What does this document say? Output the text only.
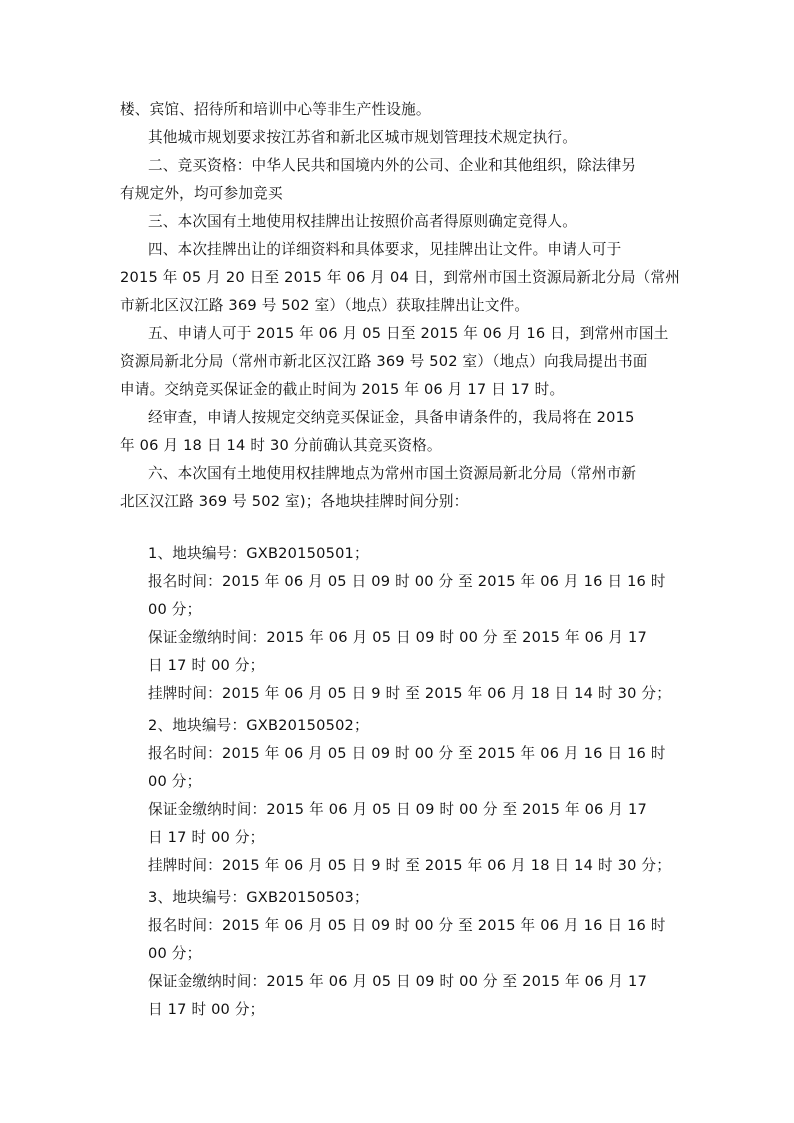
楼、宾馆、招待所和培训中心等非生产性设施。
其他城市规划要求按江苏省和新北区城市规划管理技术规定执行。
二、竞买资格：中华人民共和国境内外的公司、企业和其他组织，除法律另
有规定外，均可参加竞买
三、本次国有土地使用权挂牌出让按照价高者得原则确定竞得人。
四、本次挂牌出让的详细资料和具体要求，见挂牌出让文件。申请人可于
2015 年 05 月 20 日至 2015 年 06 月 04 日，到常州市国土资源局新北分局（常州
市新北区汉江路 369 号 502 室）（地点）获取挂牌出让文件。
五、申请人可于 2015 年 06 月 05 日至 2015 年 06 月 16 日，到常州市国土
资源局新北分局（常州市新北区汉江路 369 号 502 室）（地点）向我局提出书面
申请。交纳竞买保证金的截止时间为 2015 年 06 月 17 日 17 时。
经审查，申请人按规定交纳竞买保证金，具备申请条件的，我局将在 2015
年 06 月 18 日 14 时 30 分前确认其竞买资格。
六、本次国有土地使用权挂牌地点为常州市国土资源局新北分局（常州市新
北区汉江路 369 号 502 室)；各地块挂牌时间分别：
1、地块编号：GXB20150501；
报名时间：2015 年 06 月 05 日 09 时 00 分 至 2015 年 06 月 16 日 16 时
00 分；
保证金缴纳时间：2015 年 06 月 05 日 09 时 00 分 至 2015 年 06 月 17
日 17 时 00 分；
挂牌时间：2015 年 06 月 05 日 9 时 至 2015 年 06 月 18 日 14 时 30 分；
2、地块编号：GXB20150502；
报名时间：2015 年 06 月 05 日 09 时 00 分 至 2015 年 06 月 16 日 16 时
00 分；
保证金缴纳时间：2015 年 06 月 05 日 09 时 00 分 至 2015 年 06 月 17
日 17 时 00 分；
挂牌时间：2015 年 06 月 05 日 9 时 至 2015 年 06 月 18 日 14 时 30 分；
3、地块编号：GXB20150503；
报名时间：2015 年 06 月 05 日 09 时 00 分 至 2015 年 06 月 16 日 16 时
00 分；
保证金缴纳时间：2015 年 06 月 05 日 09 时 00 分 至 2015 年 06 月 17
日 17 时 00 分；
